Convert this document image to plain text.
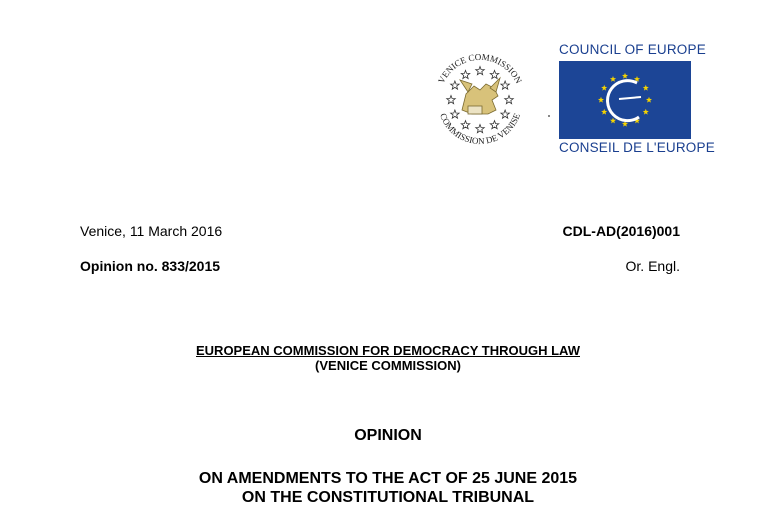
VENICE COMMISSION
COMMISSION DE VENISE
COUNCIL OF EUROPE
CONSEIL DE L'EUROPE
Venice, 11 March 2016	CDL-AD(2016)001
Opinion no. 833/2015	Or. Engl.
EUROPEAN COMMISSION FOR DEMOCRACY THROUGH LAW
(VENICE COMMISSION)
OPINION
ON AMENDMENTS TO THE ACT OF 25 JUNE 2015
ON THE CONSTITUTIONAL TRIBUNAL
